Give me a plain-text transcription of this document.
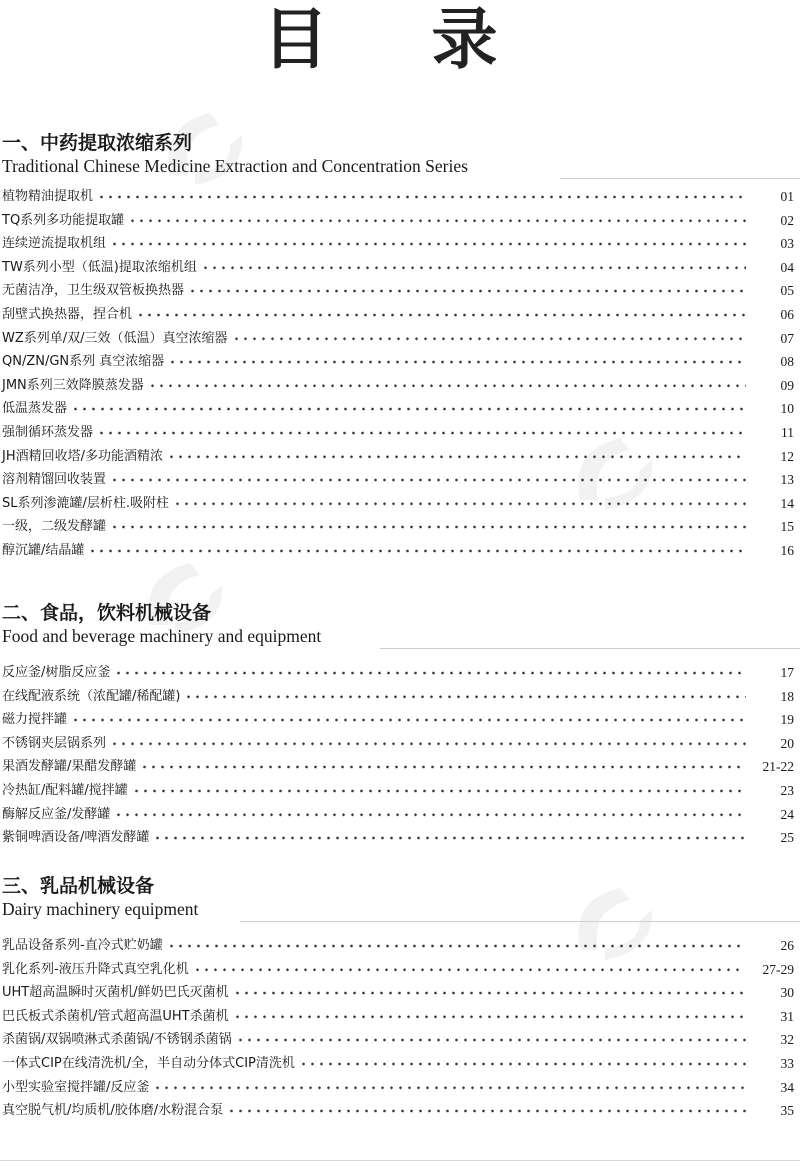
目 录
一、中药提取浓缩系列
Traditional Chinese Medicine Extraction and Concentration Series
植物精油提取机	01
TQ系列多功能提取罐	02
连续逆流提取机组	03
TW系列小型（低温)提取浓缩机组	04
无菌洁净，卫生级双管板换热器	05
刮壁式换热器，捏合机	06
WZ系列单/双/三效（低温）真空浓缩器	07
QN/ZN/GN系列 真空浓缩器	08
JMN系列三效降膜蒸发器	09
低温蒸发器	10
强制循环蒸发器	11
JH酒精回收塔/多功能酒精浓	12
溶剂精馏回收装置	13
SL系列渗漉罐/层析柱.吸附柱	14
一级，二级发酵罐	15
醇沉罐/结晶罐	16
二、食品，饮料机械设备
Food and beverage machinery and equipment
反应釜/树脂反应釜	17
在线配液系统（浓配罐/稀配罐)	18
磁力搅拌罐	19
不锈钢夹层锅系列	20
果酒发酵罐/果醋发酵罐	21-22
冷热缸/配料罐/搅拌罐	23
酶解反应釜/发酵罐	24
紫铜啤酒设备/啤酒发酵罐	25
三、乳品机械设备
Dairy machinery equipment
乳品设备系列-直冷式贮奶罐	26
乳化系列-液压升降式真空乳化机	27-29
UHT超高温瞬时灭菌机/鲜奶巴氏灭菌机	30
巴氏板式杀菌机/管式超高温UHT杀菌机	31
杀菌锅/双锅喷淋式杀菌锅/不锈钢杀菌锅	32
一体式CIP在线清洗机/全，半自动分体式CIP清洗机	33
小型实验室搅拌罐/反应釜	34
真空脱气机/均质机/胶体磨/水粉混合泵	35
